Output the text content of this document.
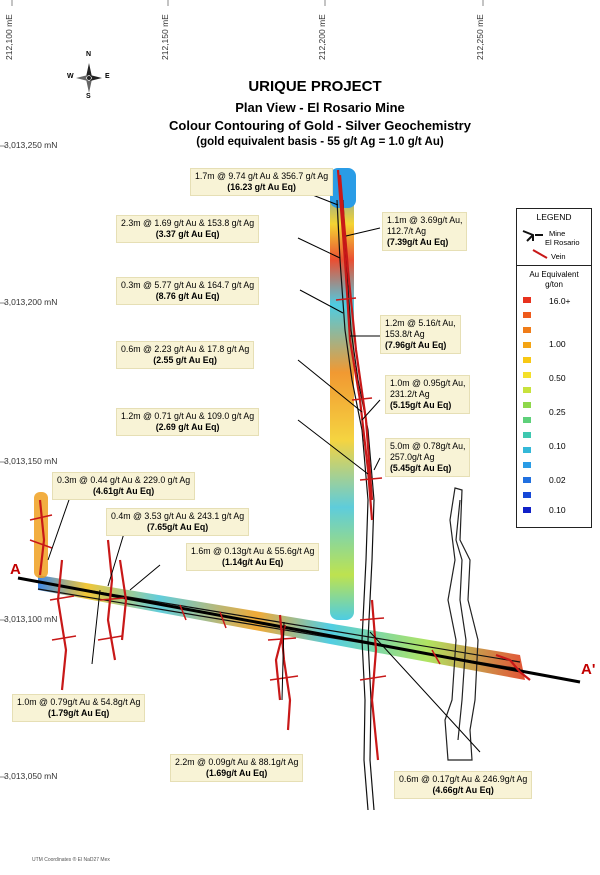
212,100 mE	212,150 mE	212,200 mE	212,250 mE
3,013,250 mN
3,013,200 mN
3,013,150 mN
3,013,100 mN
3,013,050 mN
N
S
E
W
URIQUE PROJECT
Plan View - El Rosario Mine
Colour Contouring of Gold - Silver Geochemistry
(gold equivalent basis - 55 g/t Ag = 1.0 g/t Au)
A
A'
1.7m @ 9.74 g/t Au & 356.7 g/t Ag
(16.23 g/t Au Eq)
2.3m @ 1.69 g/t Au & 153.8 g/t Ag
(3.37 g/t Au Eq)
0.3m @ 5.77 g/t Au & 164.7 g/t Ag
(8.76 g/t Au Eq)
0.6m @ 2.23 g/t Au & 17.8 g/t Ag
(2.55 g/t Au Eq)
1.2m @ 0.71 g/t Au & 109.0 g/t Ag
(2.69 g/t Au Eq)
1.1m @ 3.69g/t Au,
112.7/t Ag
(7.39g/t Au Eq)
1.2m @ 5.16/t Au,
153.8/t Ag
(7.96g/t Au Eq)
1.0m @ 0.95g/t Au,
231.2/t Ag
(5.15g/t Au Eq)
5.0m @ 0.78g/t Au,
257.0g/t Ag
(5.45g/t Au Eq)
0.3m @ 0.44 g/t Au & 229.0 g/t Ag
(4.61g/t Au Eq)
0.4m @ 3.53 g/t Au & 243.1 g/t Ag
(7.65g/t Au Eq)
1.6m @ 0.13g/t Au & 55.6g/t Ag
(1.14g/t Au Eq)
1.0m @ 0.79g/t Au & 54.8g/t Ag
(1.79g/t Au Eq)
2.2m @ 0.09g/t Au & 88.1g/t Ag
(1.69g/t Au Eq)
0.6m @ 0.17g/t Au & 246.9g/t Ag
(4.66g/t Au Eq)
LEGEND
Mine
El Rosario
Vein
Au Equivalent
g/ton
16.0+
1.00
0.50
0.25
0.10
0.02
0.10
UTM Coordinates ® El NaD27 Mex
